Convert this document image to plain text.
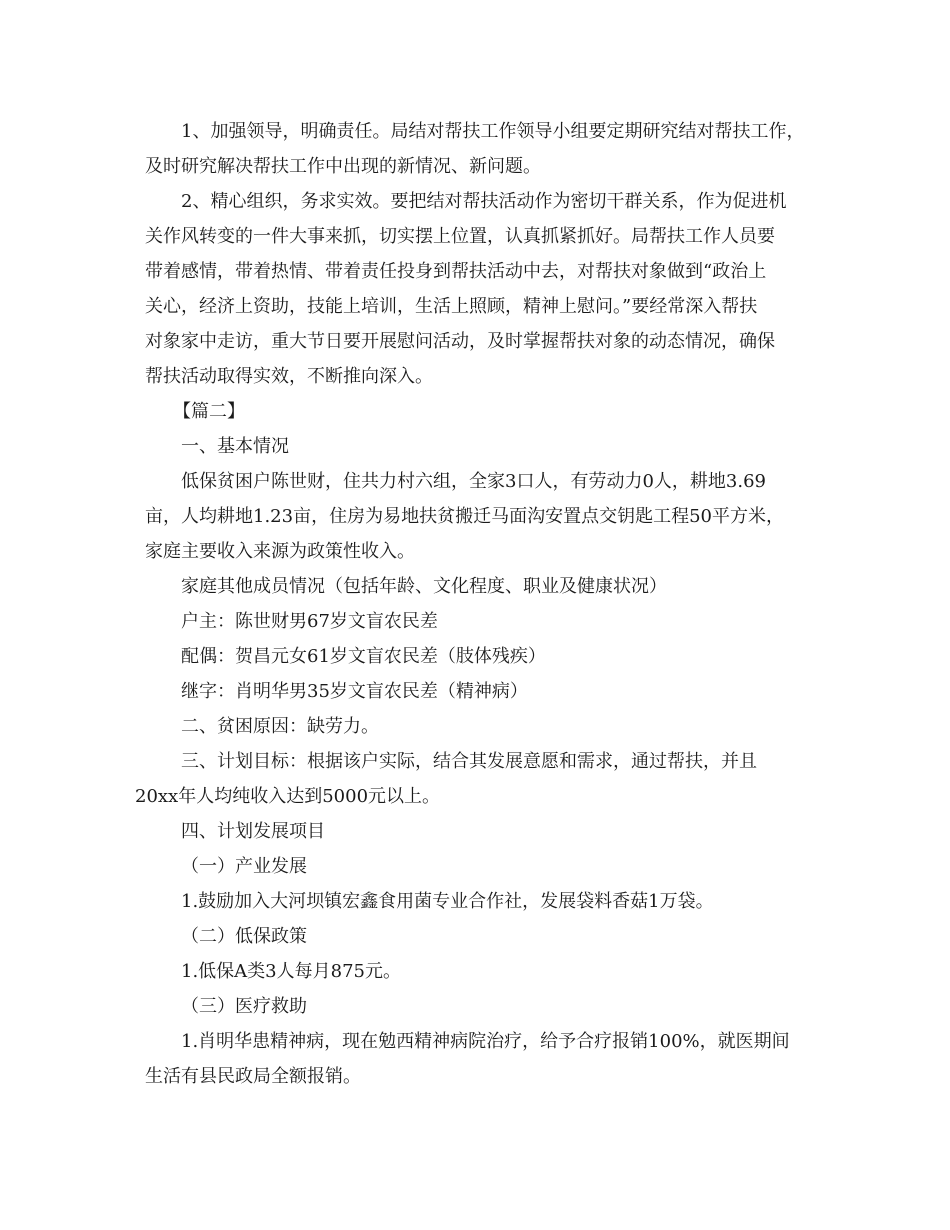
1、加强领导，明确责任。局结对帮扶工作领导小组要定期研究结对帮扶工作，
及时研究解决帮扶工作中出现的新情况、新问题。
2、精心组织，务求实效。要把结对帮扶活动作为密切干群关系，作为促进机
关作风转变的一件大事来抓，切实摆上位置，认真抓紧抓好。局帮扶工作人员要
带着感情，带着热情、带着责任投身到帮扶活动中去，对帮扶对象做到“政治上
关心，经济上资助，技能上培训，生活上照顾，精神上慰问。”要经常深入帮扶
对象家中走访，重大节日要开展慰问活动，及时掌握帮扶对象的动态情况，确保
帮扶活动取得实效，不断推向深入。
【篇二】
一、基本情况
低保贫困户陈世财，住共力村六组，全家3口人，有劳动力0人，耕地3.69
亩，人均耕地1.23亩，住房为易地扶贫搬迁马面沟安置点交钥匙工程50平方米，
家庭主要收入来源为政策性收入。
家庭其他成员情况（包括年龄、文化程度、职业及健康状况）
户主：陈世财男67岁文盲农民差
配偶：贺昌元女61岁文盲农民差（肢体残疾）
继字：肖明华男35岁文盲农民差（精神病）
二、贫困原因：缺劳力。
三、计划目标：根据该户实际，结合其发展意愿和需求，通过帮扶，并且
20xx年人均纯收入达到5000元以上。
四、计划发展项目
（一）产业发展
1.鼓励加入大河坝镇宏鑫食用菌专业合作社，发展袋料香菇1万袋。
（二）低保政策
1.低保A类3人每月875元。
（三）医疗救助
1.肖明华患精神病，现在勉西精神病院治疗，给予合疗报销100%，就医期间
生活有县民政局全额报销。
